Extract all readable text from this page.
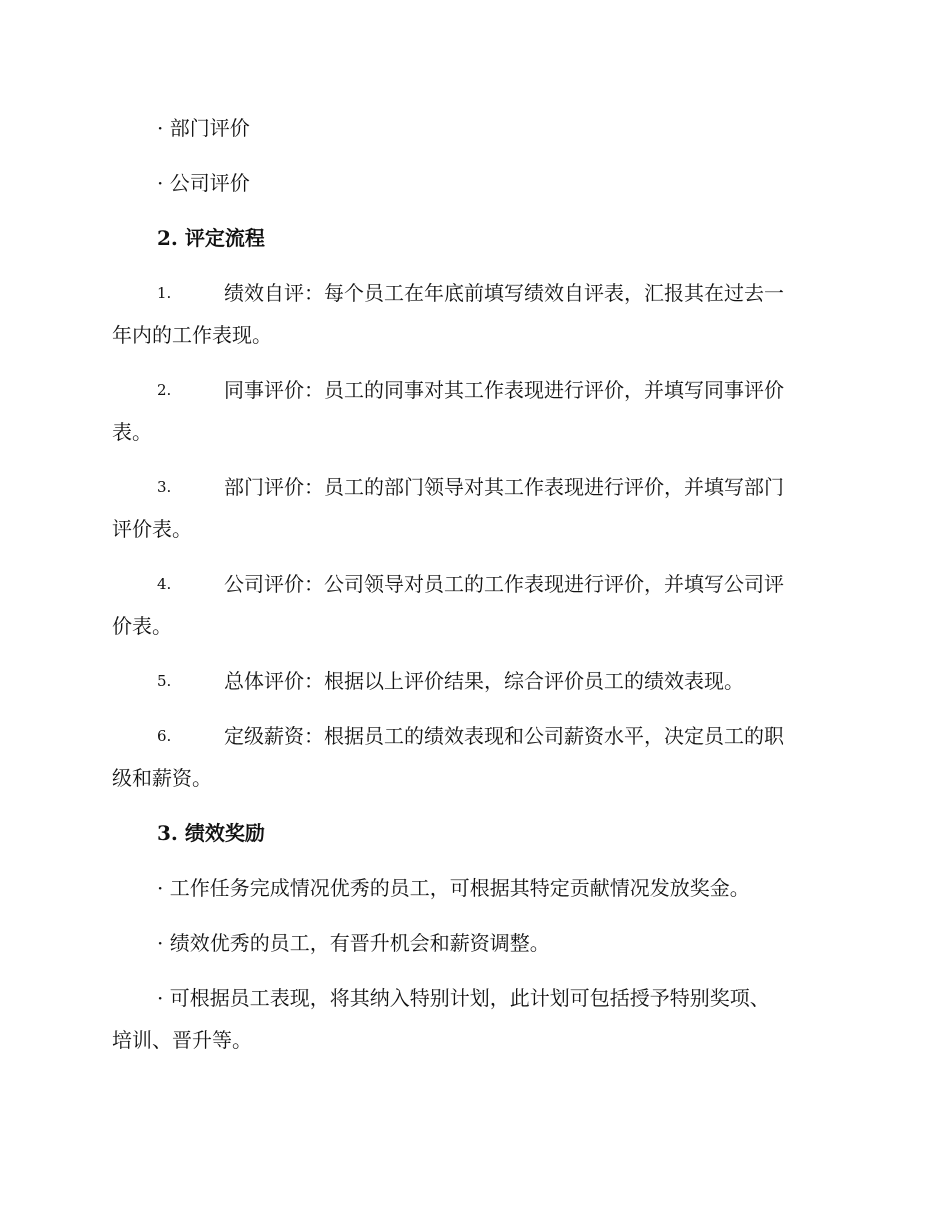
· 部门评价
· 公司评价
2. 评定流程
1.	绩效自评：每个员工在年底前填写绩效自评表，汇报其在过去一
年内的工作表现。
2.	同事评价：员工的同事对其工作表现进行评价，并填写同事评价
表。
3.	部门评价：员工的部门领导对其工作表现进行评价，并填写部门
评价表。
4.	公司评价：公司领导对员工的工作表现进行评价，并填写公司评
价表。
5.	总体评价：根据以上评价结果，综合评价员工的绩效表现。
6.	定级薪资：根据员工的绩效表现和公司薪资水平，决定员工的职
级和薪资。
3. 绩效奖励
· 工作任务完成情况优秀的员工，可根据其特定贡献情况发放奖金。
· 绩效优秀的员工，有晋升机会和薪资调整。
· 可根据员工表现，将其纳入特别计划，此计划可包括授予特别奖项、
培训、晋升等。
